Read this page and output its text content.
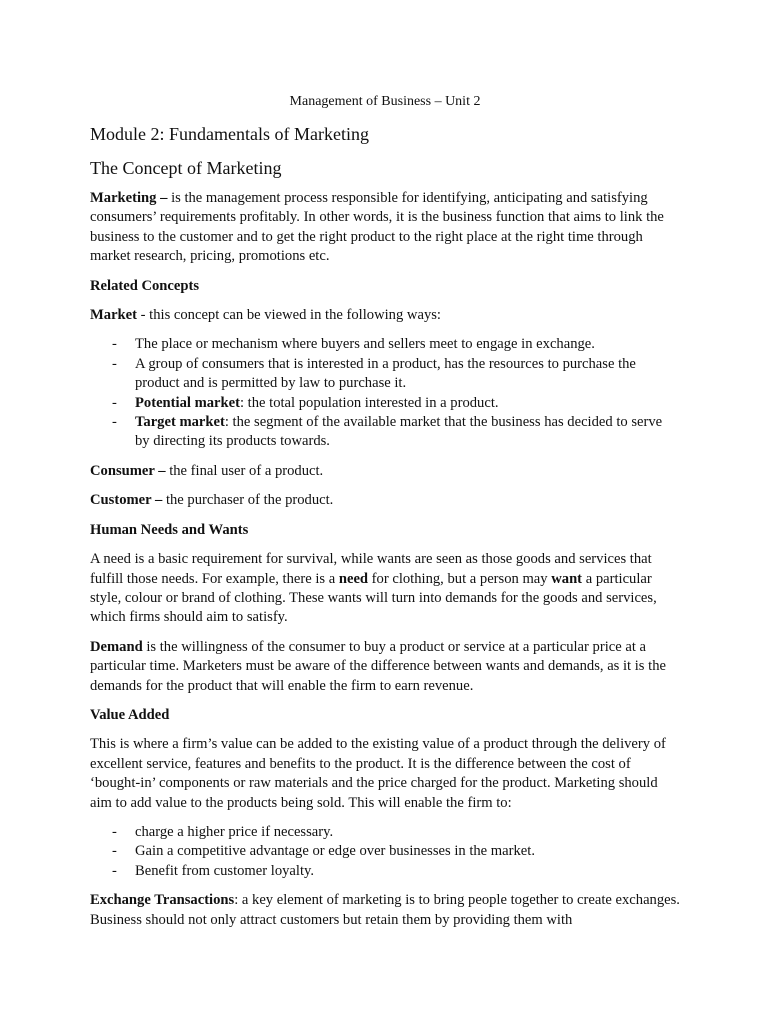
Management of Business – Unit 2
Module 2: Fundamentals of Marketing
The Concept of Marketing

Marketing – is the management process responsible for identifying, anticipating and satisfying consumers’ requirements profitably. In other words, it is the business function that aims to link the business to the customer and to get the right product to the right place at the right time through market research, pricing, promotions etc.

Related Concepts

Market - this concept can be viewed in the following ways:

- The place or mechanism where buyers and sellers meet to engage in exchange.
- A group of consumers that is interested in a product, has the resources to purchase the product and is permitted by law to purchase it.
- Potential market: the total population interested in a product.
- Target market: the segment of the available market that the business has decided to serve by directing its products towards.

Consumer – the final user of a product.

Customer – the purchaser of the product.

Human Needs and Wants

A need is a basic requirement for survival, while wants are seen as those goods and services that fulfill those needs. For example, there is a need for clothing, but a person may want a particular style, colour or brand of clothing. These wants will turn into demands for the goods and services, which firms should aim to satisfy.

Demand is the willingness of the consumer to buy a product or service at a particular price at a particular time. Marketers must be aware of the difference between wants and demands, as it is the demands for the product that will enable the firm to earn revenue.

Value Added

This is where a firm’s value can be added to the existing value of a product through the delivery of excellent service, features and benefits to the product. It is the difference between the cost of ‘bought-in’ components or raw materials and the price charged for the product. Marketing should aim to add value to the products being sold. This will enable the firm to:

- charge a higher price if necessary.
- Gain a competitive advantage or edge over businesses in the market.
- Benefit from customer loyalty.

Exchange Transactions: a key element of marketing is to bring people together to create exchanges. Business should not only attract customers but retain them by providing them with
